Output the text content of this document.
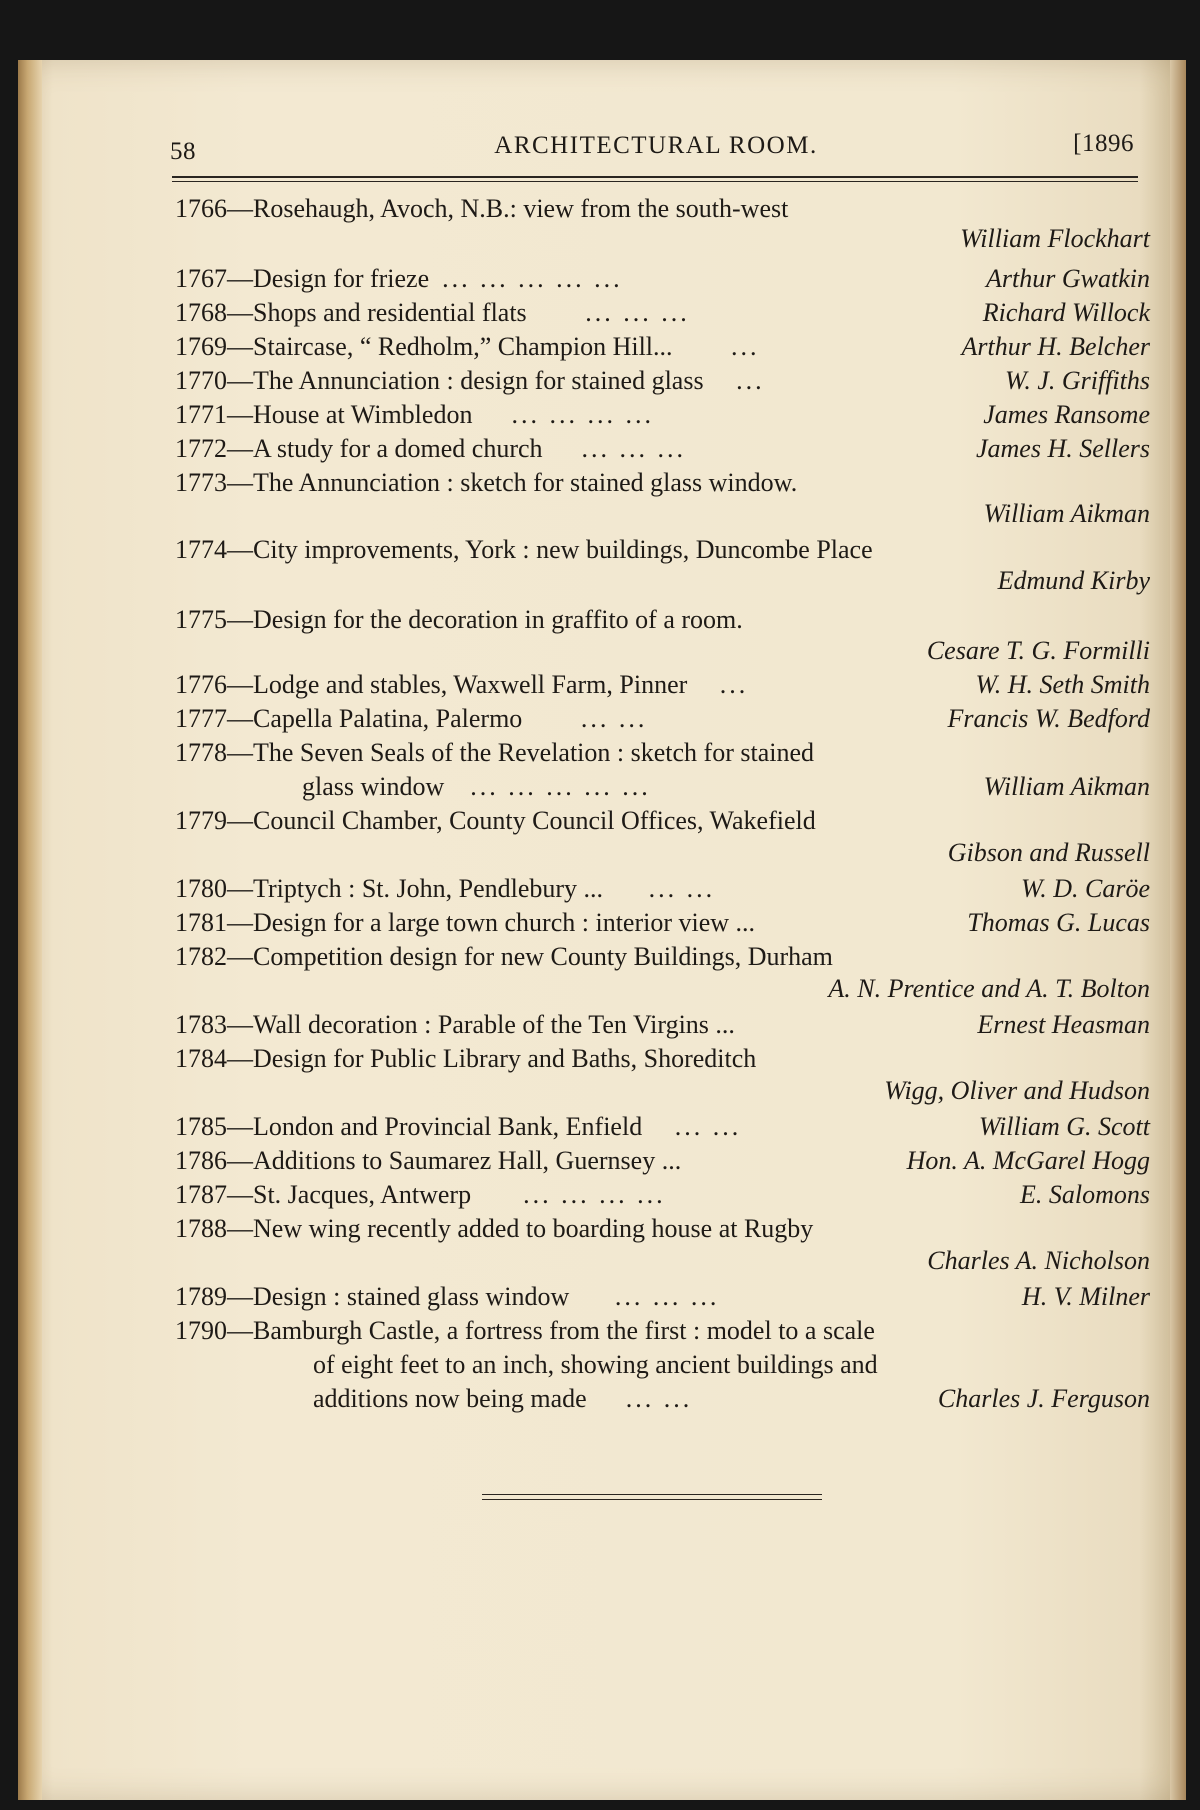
58	ARCHITECTURAL ROOM.	[1896
1766—Rosehaugh, Avoch, N.B.: view from the south-west
William Flockhart
1767—Design for frieze ... ... ... ... ...	Arthur Gwatkin
1768—Shops and residential flats ... ... ...	Richard Willock
1769—Staircase, “ Redholm,” Champion Hill... ...	Arthur H. Belcher
1770—The Annunciation : design for stained glass ...	W. J. Griffiths
1771—House at Wimbledon ... ... ... ...	James Ransome
1772—A study for a domed church ... ... ...	James H. Sellers
1773—The Annunciation : sketch for stained glass window.
William Aikman
1774—City improvements, York : new buildings, Duncombe Place
Edmund Kirby
1775—Design for the decoration in graffito of a room.
Cesare T. G. Formilli
1776—Lodge and stables, Waxwell Farm, Pinner ...	W. H. Seth Smith
1777—Capella Palatina, Palermo ... ...	Francis W. Bedford
1778—The Seven Seals of the Revelation : sketch for stained
glass window ... ... ... ... ...	William Aikman
1779—Council Chamber, County Council Offices, Wakefield
Gibson and Russell
1780—Triptych : St. John, Pendlebury ... ... ...	W. D. Caröe
1781—Design for a large town church : interior view ...	Thomas G. Lucas
1782—Competition design for new County Buildings, Durham
A. N. Prentice and A. T. Bolton
1783—Wall decoration : Parable of the Ten Virgins ...	Ernest Heasman
1784—Design for Public Library and Baths, Shoreditch
Wigg, Oliver and Hudson
1785—London and Provincial Bank, Enfield ... ...	William G. Scott
1786—Additions to Saumarez Hall, Guernsey ...	Hon. A. McGarel Hogg
1787—St. Jacques, Antwerp ... ... ... ...	E. Salomons
1788—New wing recently added to boarding house at Rugby
Charles A. Nicholson
1789—Design : stained glass window ... ... ...	H. V. Milner
1790—Bamburgh Castle, a fortress from the first : model to a scale
of eight feet to an inch, showing ancient buildings and
additions now being made ... ...	Charles J. Ferguson
